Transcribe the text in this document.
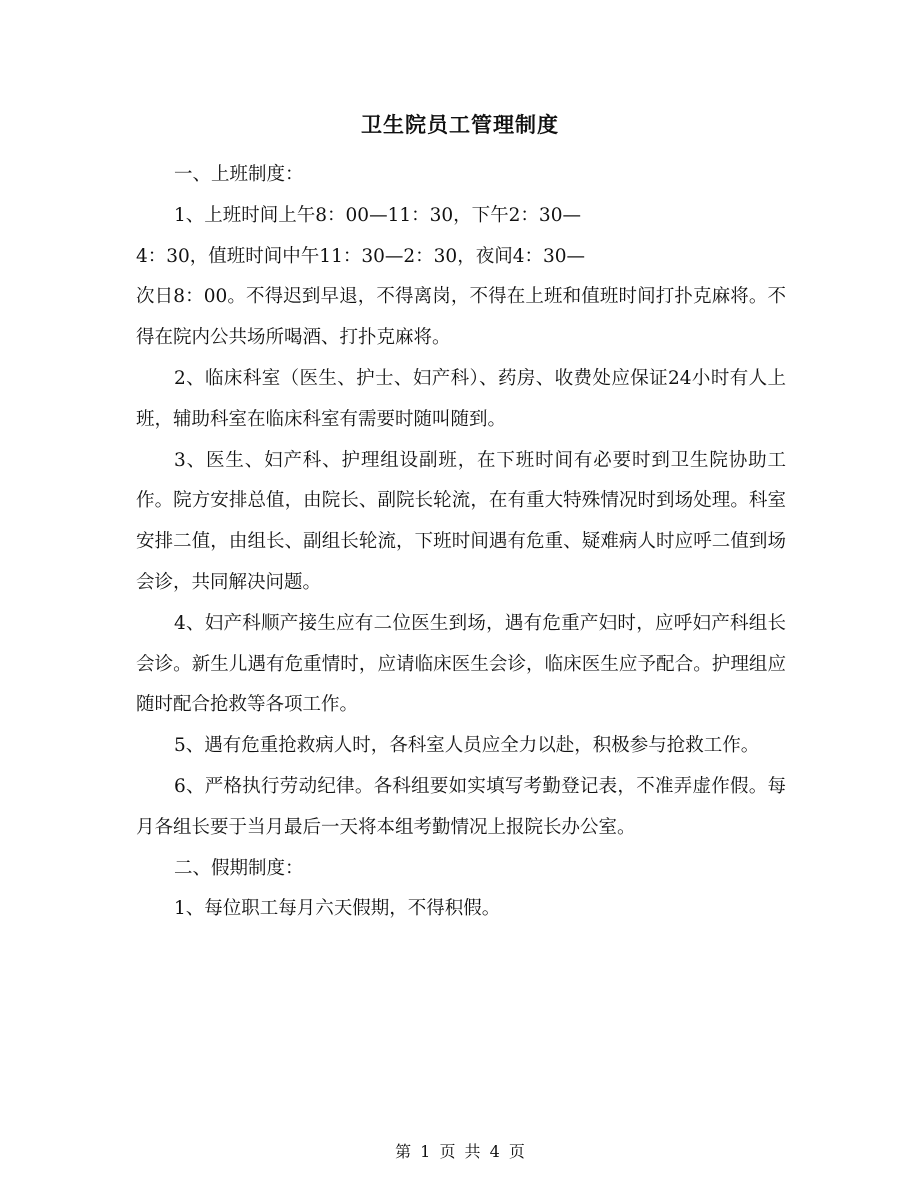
卫生院员工管理制度

一、上班制度：

1、上班时间上午8：00—11：30，下午2：30—

4：30，值班时间中午11：30—2：30，夜间4：30—

次日8：00。不得迟到早退，不得离岗，不得在上班和值班时间打扑克麻将。不得在院内公共场所喝酒、打扑克麻将。

2、临床科室（医生、护士、妇产科）、药房、收费处应保证24小时有人上班，辅助科室在临床科室有需要时随叫随到。

3、医生、妇产科、护理组设副班，在下班时间有必要时到卫生院协助工作。院方安排总值，由院长、副院长轮流，在有重大特殊情况时到场处理。科室安排二值，由组长、副组长轮流，下班时间遇有危重、疑难病人时应呼二值到场会诊，共同解决问题。

4、妇产科顺产接生应有二位医生到场，遇有危重产妇时，应呼妇产科组长会诊。新生儿遇有危重情时，应请临床医生会诊，临床医生应予配合。护理组应随时配合抢救等各项工作。

5、遇有危重抢救病人时，各科室人员应全力以赴，积极参与抢救工作。

6、严格执行劳动纪律。各科组要如实填写考勤登记表，不准弄虚作假。每月各组长要于当月最后一天将本组考勤情况上报院长办公室。

二、假期制度：

1、每位职工每月六天假期，不得积假。

第 1 页 共 4 页
